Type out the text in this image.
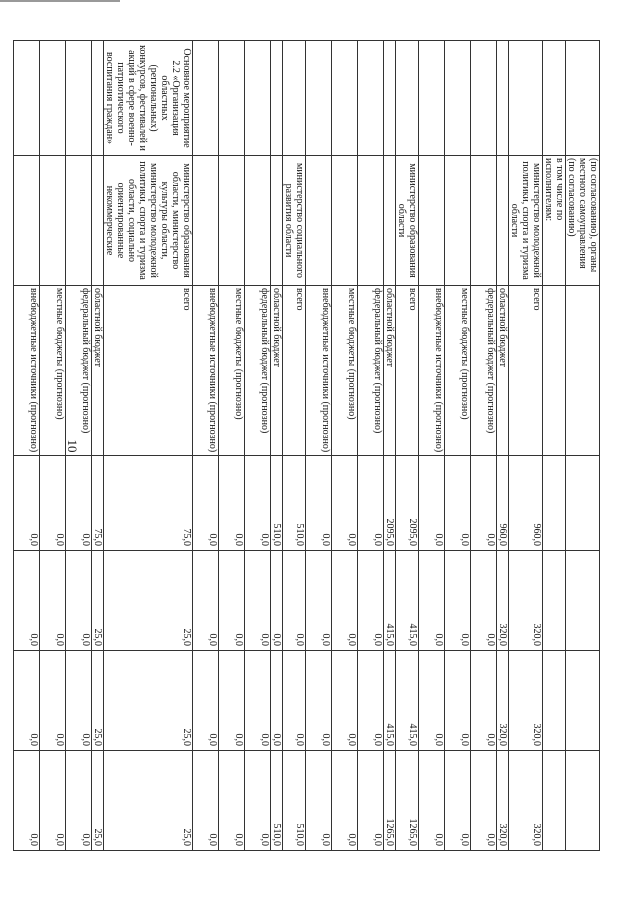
10
	(по согласованию), органы местного самоуправления (по согласованию)					
	в том числе по исполнителям:					
	министерство молодежной политики, спорта и туризма области	всего	960,0	320,0	320,0	320,0
		областной бюджет	960,0	320,0	320,0	320,0
		федеральный бюджет (прогнозно)	0,0	0,0	0,0	0,0
		местные бюджеты (прогнозно)	0,0	0,0	0,0	0,0
		внебюджетные источники (прогнозно)	0,0	0,0	0,0	0,0
	министерство образования области	всего	2095,0	415,0	415,0	1265,0
		областной бюджет	2095,0	415,0	415,0	1265,0
		федеральный бюджет (прогнозно)	0,0	0,0	0,0	0,0
		местные бюджеты (прогнозно)	0,0	0,0	0,0	0,0
		внебюджетные источники (прогнозно)	0,0	0,0	0,0	0,0
	министерство социального развития области	всего	510,0	0,0	0,0	510,0
		областной бюджет	510,0	0,0	0,0	510,0
		федеральный бюджет (прогнозно)	0,0	0,0	0,0	0,0
		местные бюджеты (прогнозно)	0,0	0,0	0,0	0,0
		внебюджетные источники (прогнозно)	0,0	0,0	0,0	0,0
Основное мероприятие 2.2 «Организация областных (региональных) конкурсов, фестивалей и акций в сфере военно-патриотического воспитания граждан»	министерство образования области, министерство культуры области, министерство молодежной политики, спорта и туризма области, социально ориентированные некоммерческие	всего	75,0	25,0	25,0	25,0
		областной бюджет	75,0	25,0	25,0	25,0
		федеральный бюджет (прогнозно)	0,0	0,0	0,0	0,0
		местные бюджеты (прогнозно)	0,0	0,0	0,0	0,0
		внебюджетные источники (прогнозно)	0,0	0,0	0,0	0,0
